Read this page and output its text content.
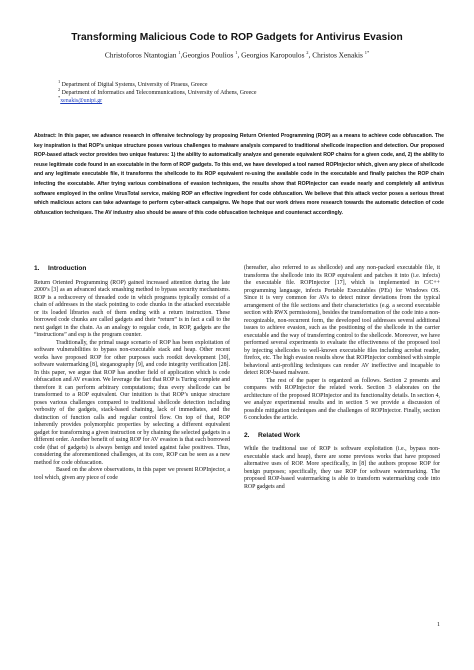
Transforming Malicious Code to ROP Gadgets for Antivirus Evasion
Christoforos Ntantogian $^1$,Georgios Poulios $^1$, Georgios Karopoulos $^2$, Christos Xenakis $^{1*}$
$^1$ Department of Digital Systems, University of Piraeus, Greece
$^2$ Department of Informatics and Telecommunications, University of Athens, Greece
*xenakis@unipi.gr
Abstract: In this paper, we advance research in offensive technology by proposing Return Oriented Programming (ROP) as a means to achieve code obfuscation. The key inspiration is that ROP’s unique structure poses various challenges to malware analysis compared to traditional shellcode inspection and detection. Our proposed ROP-based attack vector provides two unique features: 1) the ability to automatically analyze and generate equivalent ROP chains for a given code, and, 2) the ability to reuse legitimate code found in an executable in the form of ROP gadgets. To this end, we have developed a tool named ROPInjector which, given any piece of shellcode and any legitimate executable file, it transforms the shellcode to its ROP equivalent re-using the available code in the executable and finally patches the ROP chain infecting the executable. After trying various combinations of evasion techniques, the results show that ROPInjector can evade nearly and completely all antivirus software employed in the online VirusTotal service, making ROP an effective ingredient for code obfuscation. We believe that this attack vector poses a serious threat which malicious actors can take advantage to perform cyber-attack campaigns. We hope that our work drives more research towards the automatic detection of code obfuscation techniques. The AV industry also should be aware of this code obfuscation technique and counteract accordingly.
1. Introduction

Return Oriented Programming (ROP) gained increased attention during the late 2000’s [3] as an advanced stack smashing method to bypass security mechanisms. ROP is a rediscovery of threaded code in which programs typically consist of a chain of addresses in the stack pointing to code chunks in the attacked executable or its loaded libraries each of them ending with a return instruction. These borrowed code chunks are called gadgets and their “return” is in fact a call to the next gadget in the chain. As an analogy to regular code, in ROP, gadgets are the “instructions” and esp is the program counter.

Traditionally, the primal usage scenario of ROP has been exploitation of software vulnerabilities to bypass non-executable stack and heap. Other recent works have proposed ROP for other purposes such rootkit development [30], software watermarking [8], steganography [9], and code integrity verification [28]. In this paper, we argue that ROP has another field of application which is code obfuscation and AV evasion. We leverage the fact that ROP is Turing complete and therefore it can perform arbitrary computations; thus every shellcode can be transformed to a ROP equivalent. Our intuition is that ROP’s unique structure poses various challenges compared to traditional shellcode detection including verbosity of the gadgets, stack-based chaining, lack of immediates, and the distinction of function calls and regular control flow. On top of that, ROP inherently provides polymorphic properties by selecting a different equivalent gadget for transforming a given instruction or by chaining the selected gadgets in a different order. Another benefit of using ROP for AV evasion is that each borrowed code (that of gadgets) is always benign and tested against false positives. Thus, considering the aforementioned challenges, at its core, ROP can be seen as a new method for code obfuscation.

Based on the above observations, in this paper we present ROPInjector, a tool which, given any piece of code

(hereafter, also referred to as shellcode) and any non-packed executable file, it transforms the shellcode into its ROP equivalent and patches it into (i.e. infects) the executable file. ROPInjector [17], which is implemented in C/C++ programming language, infects Portable Executables (PEs) for Windows OS. Since it is very common for AVs to detect minor deviations from the typical arrangement of the file sections and their characteristics (e.g. a second executable section with RWX permissions), besides the transformation of the code into a non-recognizable, non-recurrent form, the developed tool addresses several additional issues to achieve evasion, such as the positioning of the shellcode in the carrier executable and the way of transferring control to the shellcode. Moreover, we have performed several experiments to evaluate the effectiveness of the proposed tool by injecting shellcodes to well-known executable files including acrobat reader, firefox, etc. The high evasion results show that ROPInjector combined with simple behavioral anti-profiling techniques can render AV ineffective and incapable to detect ROP-based malware.

The rest of the paper is organized as follows. Section 2 presents and compares with ROPInjector the related work. Section 3 elaborates on the architecture of the proposed ROPInjector and its functionality details. In section 4, we analyze experimental results and in section 5 we provide a discussion of possible mitigation techniques and the challenges of ROPInjector. Finally, section 6 concludes the article.

2. Related Work

While the traditional use of ROP is software exploitation (i.e., bypass non-executable stack and heap), there are some previous works that have proposed alternative uses of ROP. More specifically, in [8] the authors propose ROP for benign purposes; specifically, they use ROP for software watermarking. The proposed ROP-based watermarking is able to transform watermarking code into ROP gadgets and

1
